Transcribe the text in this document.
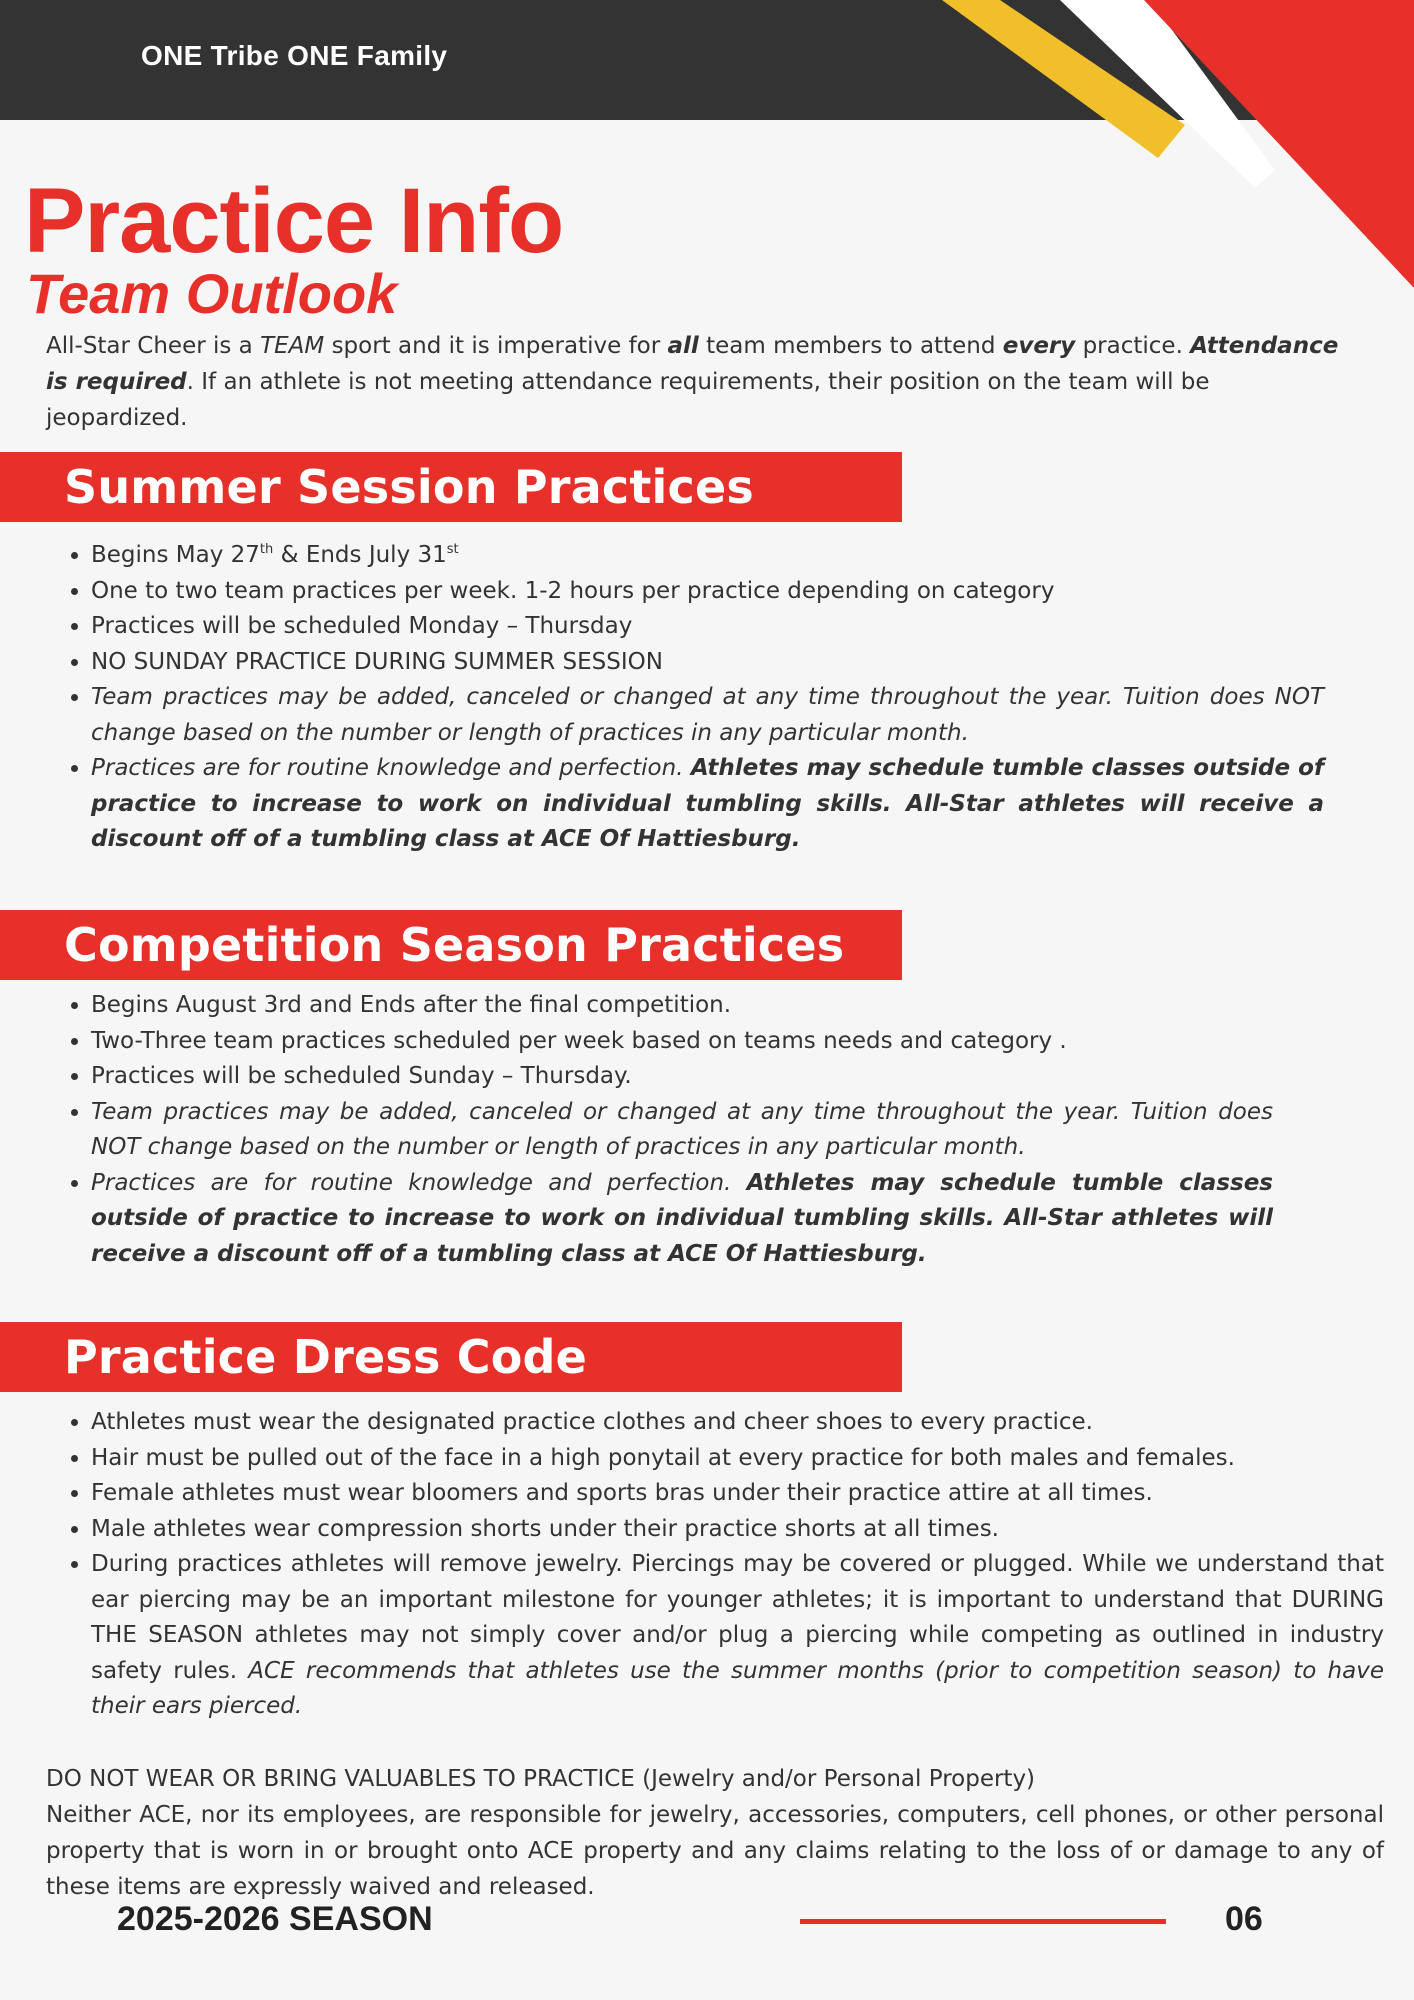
ONE Tribe ONE Family
Practice Info
Team Outlook

All-Star Cheer is a TEAM sport and it is imperative for all team members to attend every practice. Attendance is required. If an athlete is not meeting attendance requirements, their position on the team will be jeopardized.

Summer Session Practices
• Begins May 27th & Ends July 31st
• One to two team practices per week. 1-2 hours per practice depending on category
• Practices will be scheduled Monday – Thursday
• NO SUNDAY PRACTICE DURING SUMMER SESSION
• Team practices may be added, canceled or changed at any time throughout the year. Tuition does NOT change based on the number or length of practices in any particular month.
• Practices are for routine knowledge and perfection. Athletes may schedule tumble classes outside of practice to increase to work on individual tumbling skills. All-Star athletes will receive a discount off of a tumbling class at ACE Of Hattiesburg.
Competition Season Practices
• Begins August 3rd and Ends after the final competition.
• Two-Three team practices scheduled per week based on teams needs and category .
• Practices will be scheduled Sunday – Thursday.
• Team practices may be added, canceled or changed at any time throughout the year. Tuition does NOT change based on the number or length of practices in any particular month.
• Practices are for routine knowledge and perfection. Athletes may schedule tumble classes outside of practice to increase to work on individual tumbling skills. All-Star athletes will receive a discount off of a tumbling class at ACE Of Hattiesburg.
Practice Dress Code
• Athletes must wear the designated practice clothes and cheer shoes to every practice.
• Hair must be pulled out of the face in a high ponytail at every practice for both males and females.
• Female athletes must wear bloomers and sports bras under their practice attire at all times.
• Male athletes wear compression shorts under their practice shorts at all times.
• During practices athletes will remove jewelry. Piercings may be covered or plugged. While we understand that ear piercing may be an important milestone for younger athletes; it is important to understand that DURING THE SEASON athletes may not simply cover and/or plug a piercing while competing as outlined in industry safety rules. ACE recommends that athletes use the summer months (prior to competition season) to have their ears pierced.

DO NOT WEAR OR BRING VALUABLES TO PRACTICE (Jewelry and/or Personal Property)

Neither ACE, nor its employees, are responsible for jewelry, accessories, computers, cell phones, or other personal property that is worn in or brought onto ACE property and any claims relating to the loss of or damage to any of these items are expressly waived and released.

2025-2026 SEASON	06
